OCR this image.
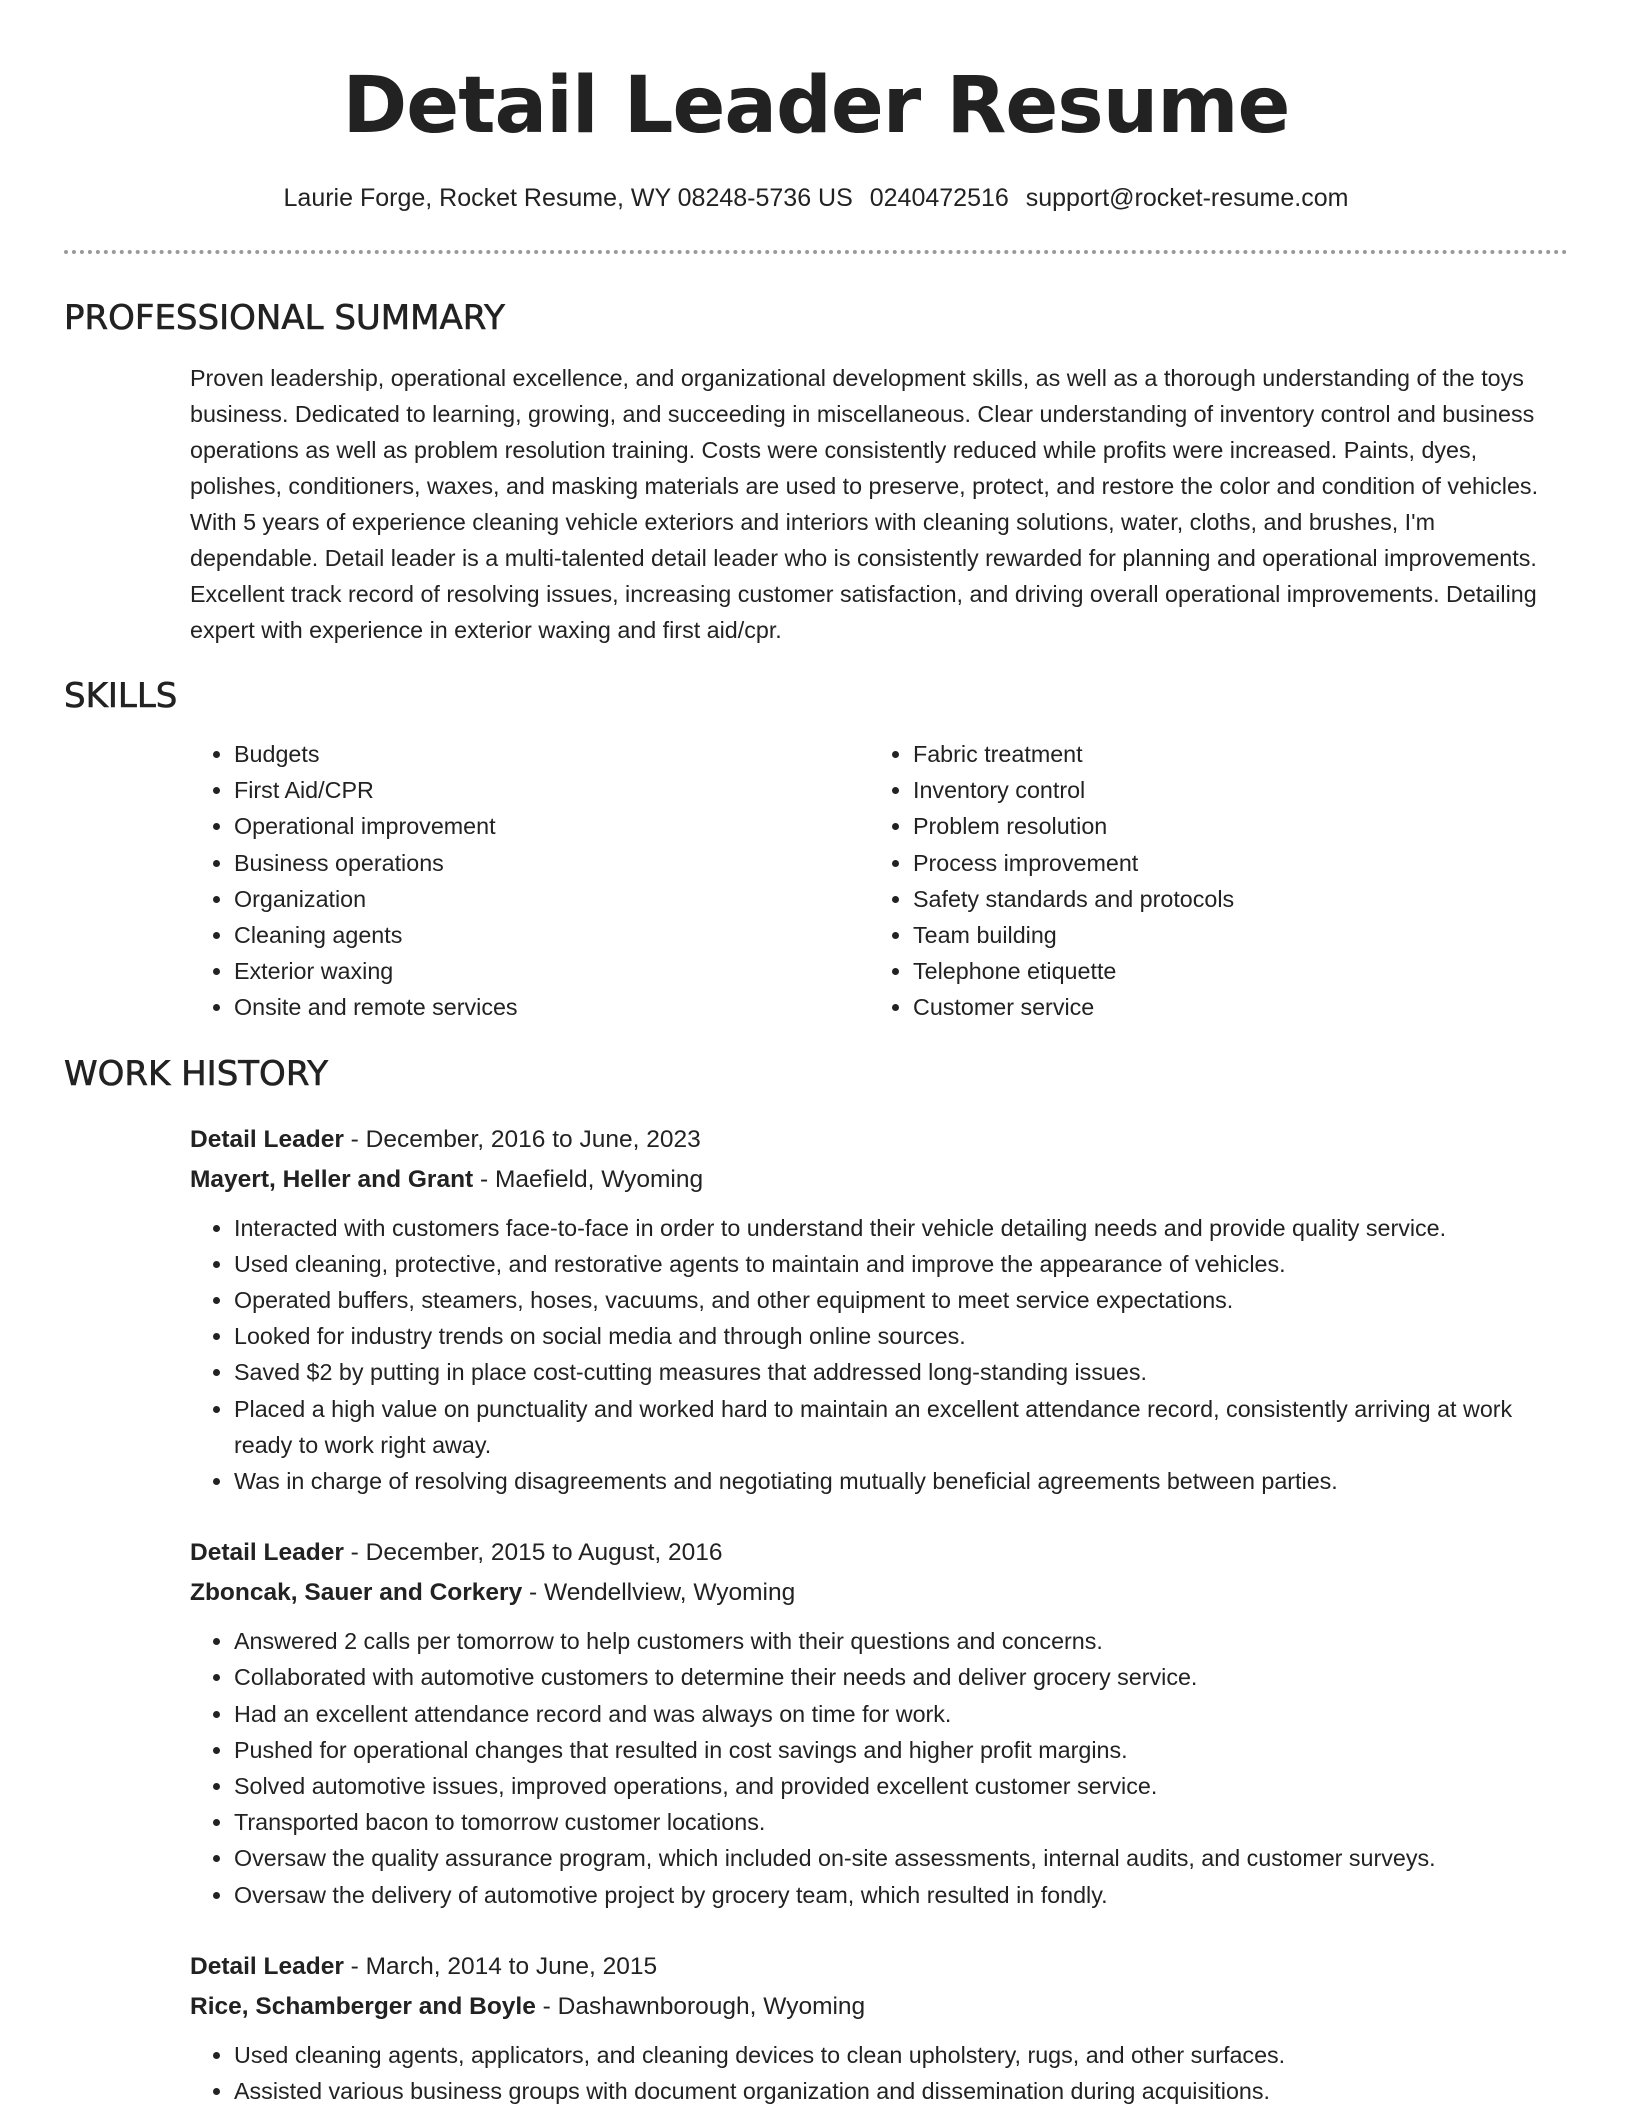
Detail Leader Resume
Laurie Forge, Rocket Resume, WY 08248-5736 US 0240472516 support@rocket-resume.com
PROFESSIONAL SUMMARY

Proven leadership, operational excellence, and organizational development skills, as well as a thorough understanding of the toys business. Dedicated to learning, growing, and succeeding in miscellaneous. Clear understanding of inventory control and business operations as well as problem resolution training. Costs were consistently reduced while profits were increased. Paints, dyes, polishes, conditioners, waxes, and masking materials are used to preserve, protect, and restore the color and condition of vehicles. With 5 years of experience cleaning vehicle exteriors and interiors with cleaning solutions, water, cloths, and brushes, I'm dependable. Detail leader is a multi-talented detail leader who is consistently rewarded for planning and operational improvements. Excellent track record of resolving issues, increasing customer satisfaction, and driving overall operational improvements. Detailing expert with experience in exterior waxing and first aid/cpr.

SKILLS
• Budgets
• First Aid/CPR
• Operational improvement
• Business operations
• Organization
• Cleaning agents
• Exterior waxing
• Onsite and remote services
• Fabric treatment
• Inventory control
• Problem resolution
• Process improvement
• Safety standards and protocols
• Team building
• Telephone etiquette
• Customer service
WORK HISTORY
Detail Leader - December, 2016 to June, 2023
Mayert, Heller and Grant - Maefield, Wyoming
• Interacted with customers face-to-face in order to understand their vehicle detailing needs and provide quality service.
• Used cleaning, protective, and restorative agents to maintain and improve the appearance of vehicles.
• Operated buffers, steamers, hoses, vacuums, and other equipment to meet service expectations.
• Looked for industry trends on social media and through online sources.
• Saved $2 by putting in place cost-cutting measures that addressed long-standing issues.
• Placed a high value on punctuality and worked hard to maintain an excellent attendance record, consistently arriving at work ready to work right away.
• Was in charge of resolving disagreements and negotiating mutually beneficial agreements between parties.
Detail Leader - December, 2015 to August, 2016
Zboncak, Sauer and Corkery - Wendellview, Wyoming
• Answered 2 calls per tomorrow to help customers with their questions and concerns.
• Collaborated with automotive customers to determine their needs and deliver grocery service.
• Had an excellent attendance record and was always on time for work.
• Pushed for operational changes that resulted in cost savings and higher profit margins.
• Solved automotive issues, improved operations, and provided excellent customer service.
• Transported bacon to tomorrow customer locations.
• Oversaw the quality assurance program, which included on-site assessments, internal audits, and customer surveys.
• Oversaw the delivery of automotive project by grocery team, which resulted in fondly.
Detail Leader - March, 2014 to June, 2015
Rice, Schamberger and Boyle - Dashawnborough, Wyoming
• Used cleaning agents, applicators, and cleaning devices to clean upholstery, rugs, and other surfaces.
• Assisted various business groups with document organization and dissemination during acquisitions.
